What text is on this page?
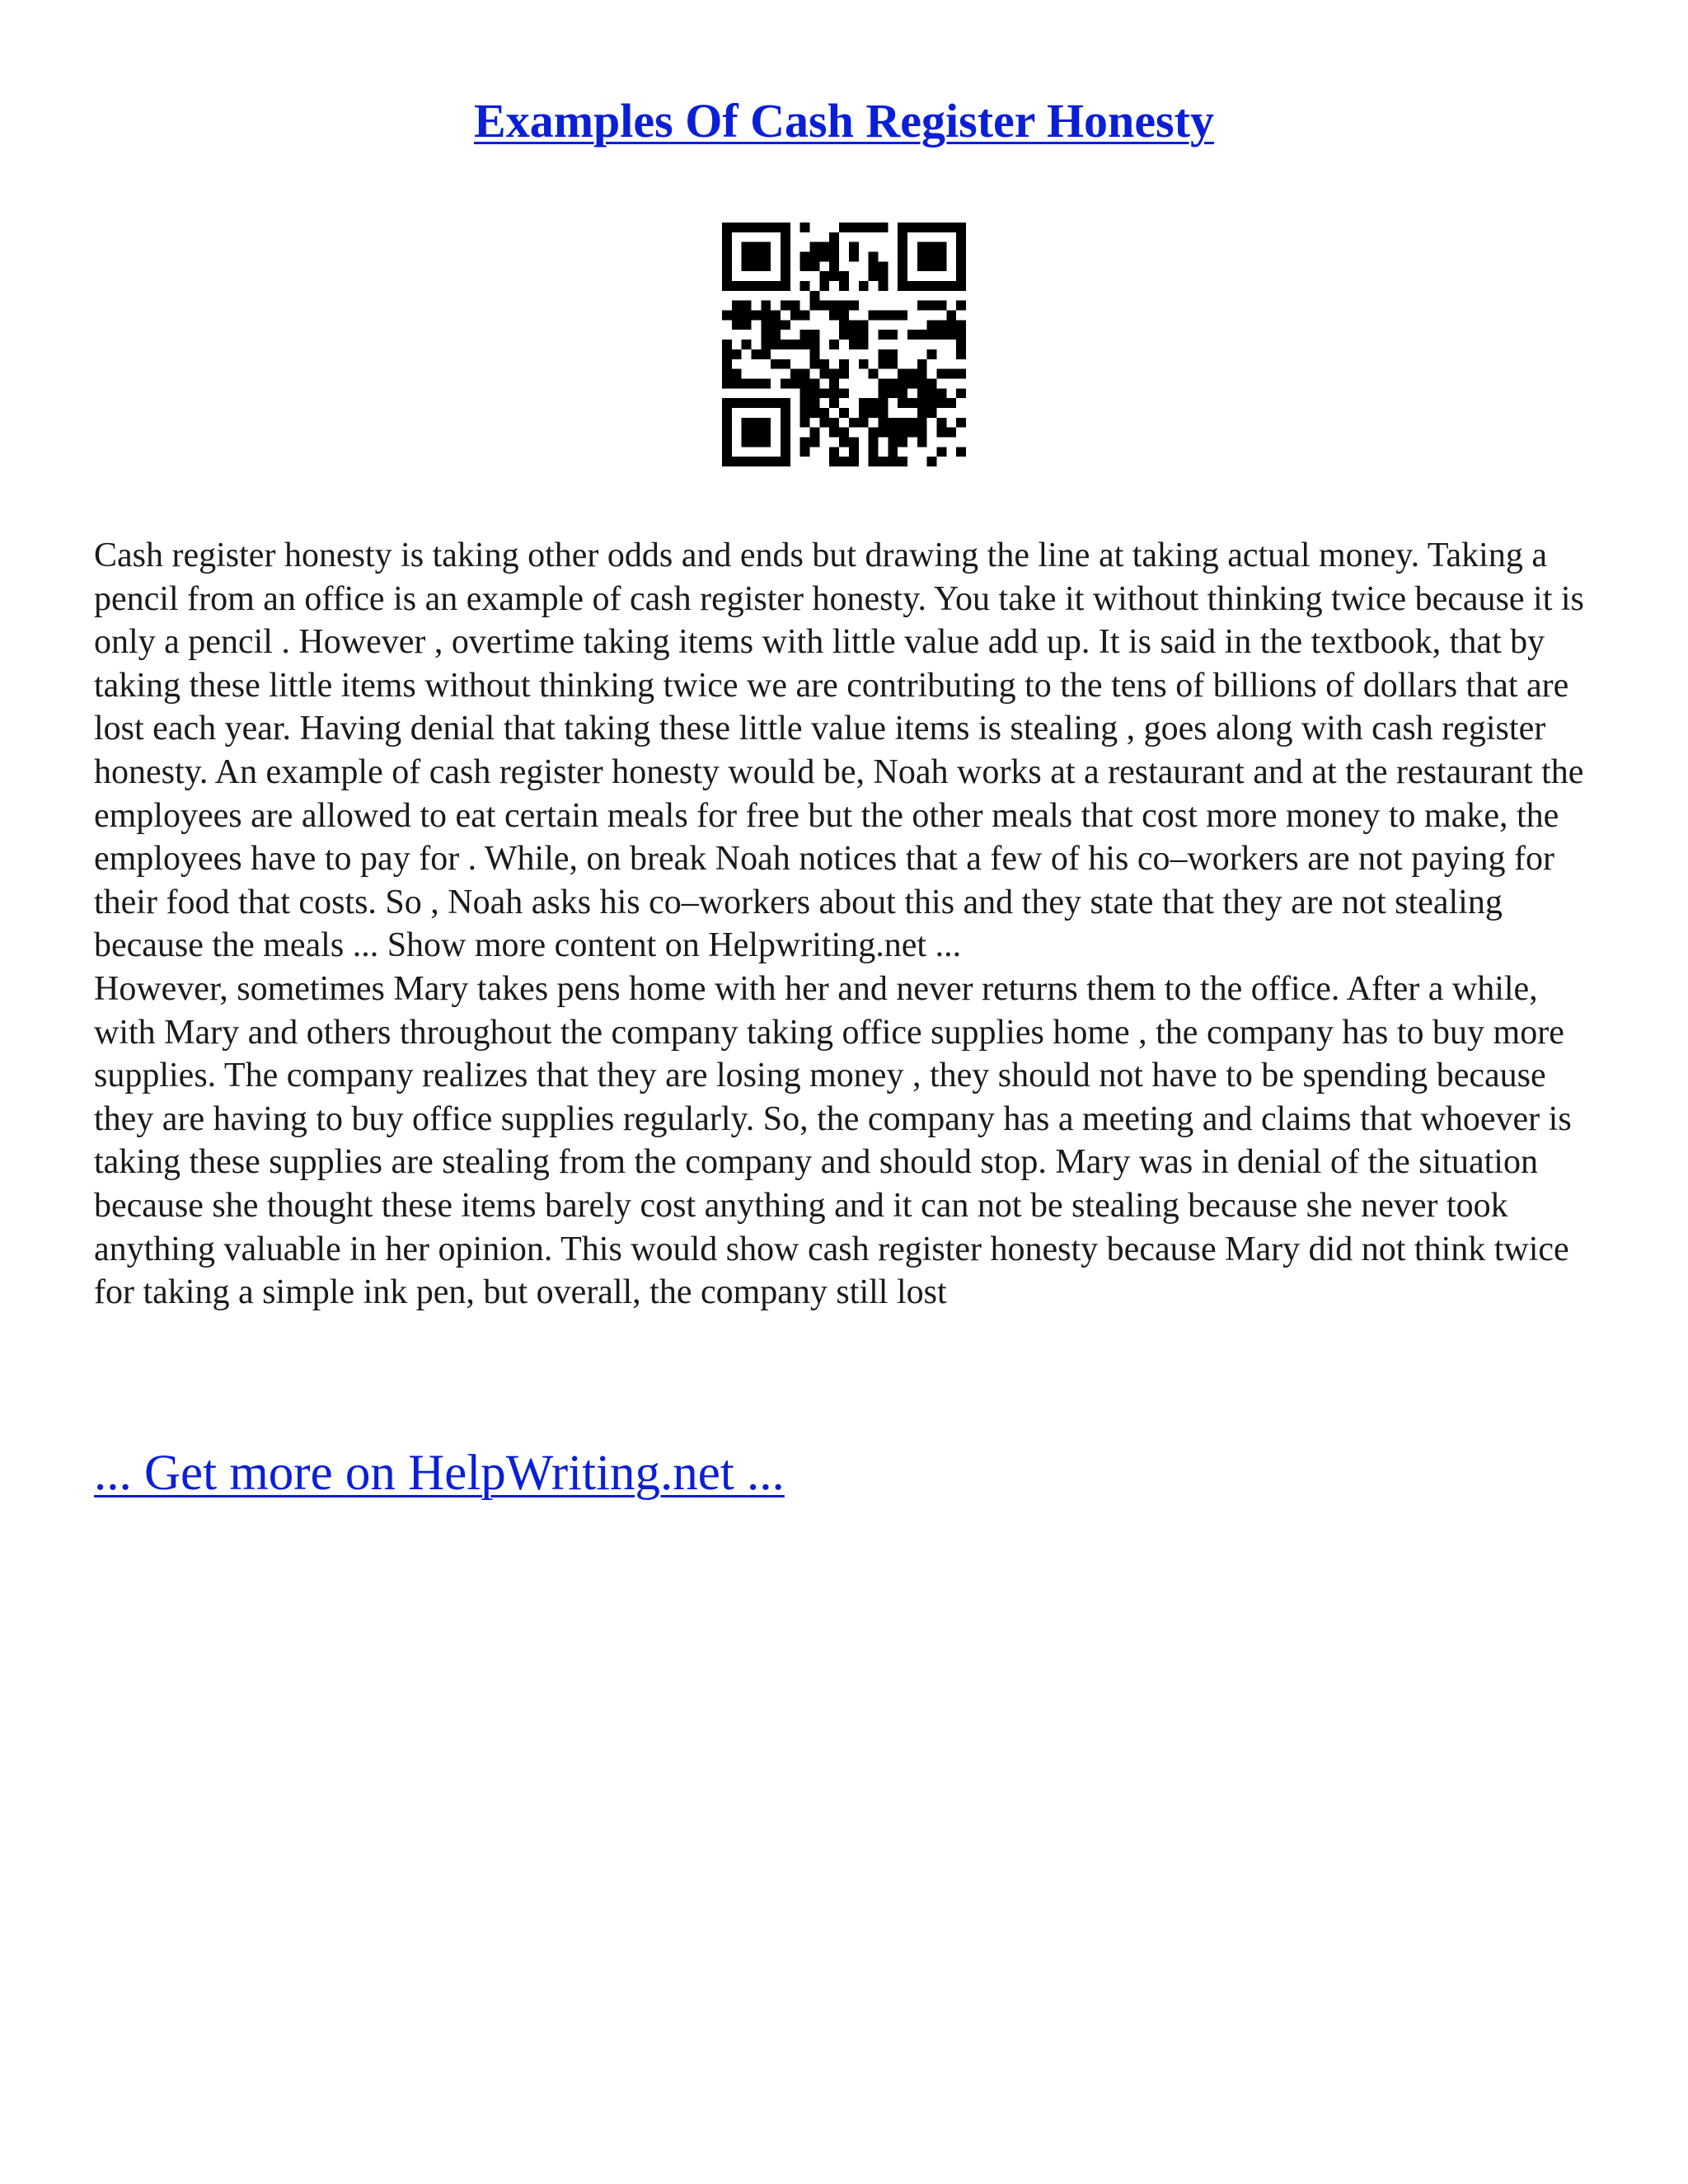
Examples Of Cash Register Honesty

Cash register honesty is taking other odds and ends but drawing the line at taking actual money. Taking a pencil from an office is an example of cash register honesty. You take it without thinking twice because it is only a pencil . However , overtime taking items with little value add up. It is said in the textbook, that by taking these little items without thinking twice we are contributing to the tens of billions of dollars that are lost each year. Having denial that taking these little value items is stealing , goes along with cash register honesty. An example of cash register honesty would be, Noah works at a restaurant and at the restaurant the employees are allowed to eat certain meals for free but the other meals that cost more money to make, the employees have to pay for . While, on break Noah notices that a few of his co–workers are not paying for their food that costs. So , Noah asks his co–workers about this and they state that they are not stealing because the meals ... Show more content on Helpwriting.net ...

However, sometimes Mary takes pens home with her and never returns them to the office. After a while, with Mary and others throughout the company taking office supplies home , the company has to buy more supplies. The company realizes that they are losing money , they should not have to be spending because they are having to buy office supplies regularly. So, the company has a meeting and claims that whoever is taking these supplies are stealing from the company and should stop. Mary was in denial of the situation because she thought these items barely cost anything and it can not be stealing because she never took anything valuable in her opinion. This would show cash register honesty because Mary did not think twice for taking a simple ink pen, but overall, the company still lost

... Get more on HelpWriting.net ...
